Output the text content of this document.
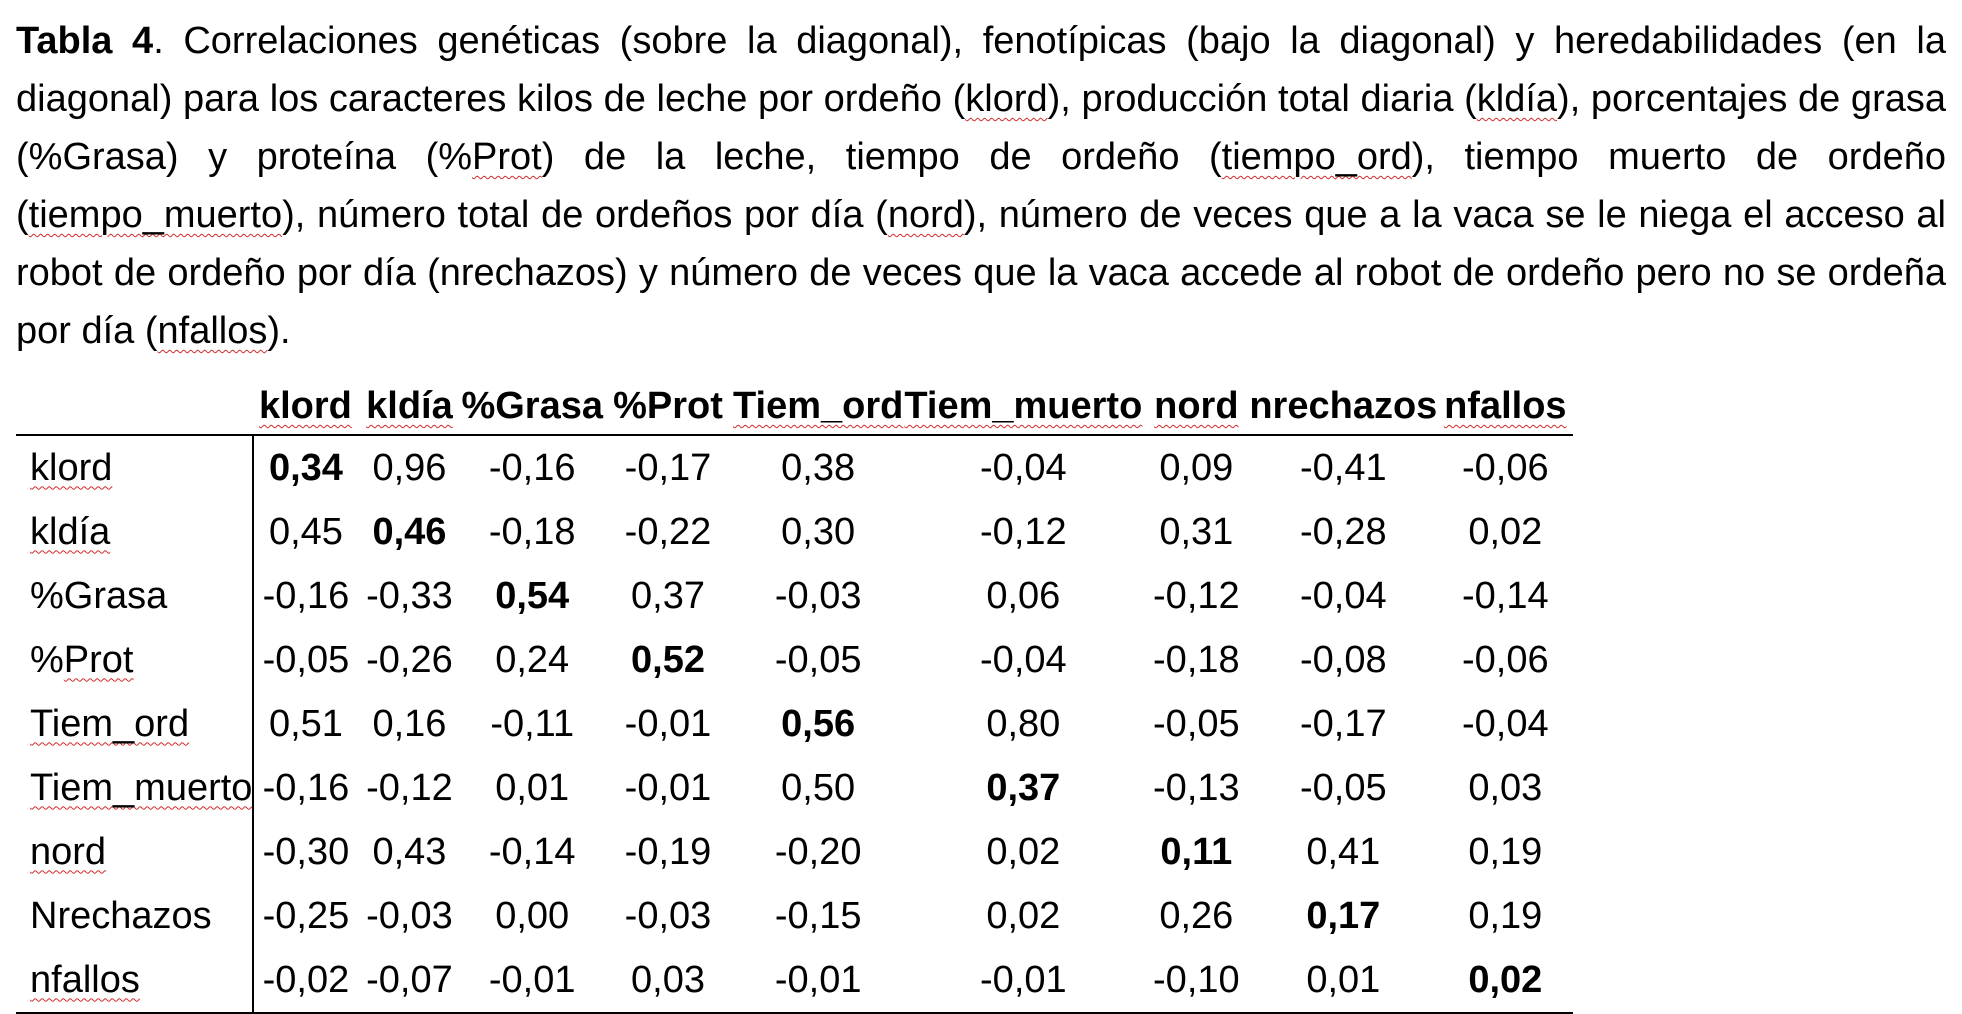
Tabla 4. Correlaciones genéticas (sobre la diagonal), fenotípicas (bajo la diagonal) y heredabilidades (en la diagonal) para los caracteres kilos de leche por ordeño (klord), producción total diaria (kldía), porcentajes de grasa (%Grasa) y proteína (%Prot) de la leche, tiempo de ordeño (tiempo_ord), tiempo muerto de ordeño (tiempo_muerto), número total de ordeños por día (nord), número de veces que a la vaca se le niega el acceso al robot de ordeño por día (nrechazos) y número de veces que la vaca accede al robot de ordeño pero no se ordeña por día (nfallos).

	klord	kldía	%Grasa	%Prot	Tiem_ord	Tiem_muerto	nord	nrechazos	nfallos
klord	0,34	0,96	-0,16	-0,17	0,38	-0,04	0,09	-0,41	-0,06
kldía	0,45	0,46	-0,18	-0,22	0,30	-0,12	0,31	-0,28	0,02
%Grasa	-0,16	-0,33	0,54	0,37	-0,03	0,06	-0,12	-0,04	-0,14
%Prot	-0,05	-0,26	0,24	0,52	-0,05	-0,04	-0,18	-0,08	-0,06
Tiem_ord	0,51	0,16	-0,11	-0,01	0,56	0,80	-0,05	-0,17	-0,04
Tiem_muerto	-0,16	-0,12	0,01	-0,01	0,50	0,37	-0,13	-0,05	0,03
nord	-0,30	0,43	-0,14	-0,19	-0,20	0,02	0,11	0,41	0,19
Nrechazos	-0,25	-0,03	0,00	-0,03	-0,15	0,02	0,26	0,17	0,19
nfallos	-0,02	-0,07	-0,01	0,03	-0,01	-0,01	-0,10	0,01	0,02
